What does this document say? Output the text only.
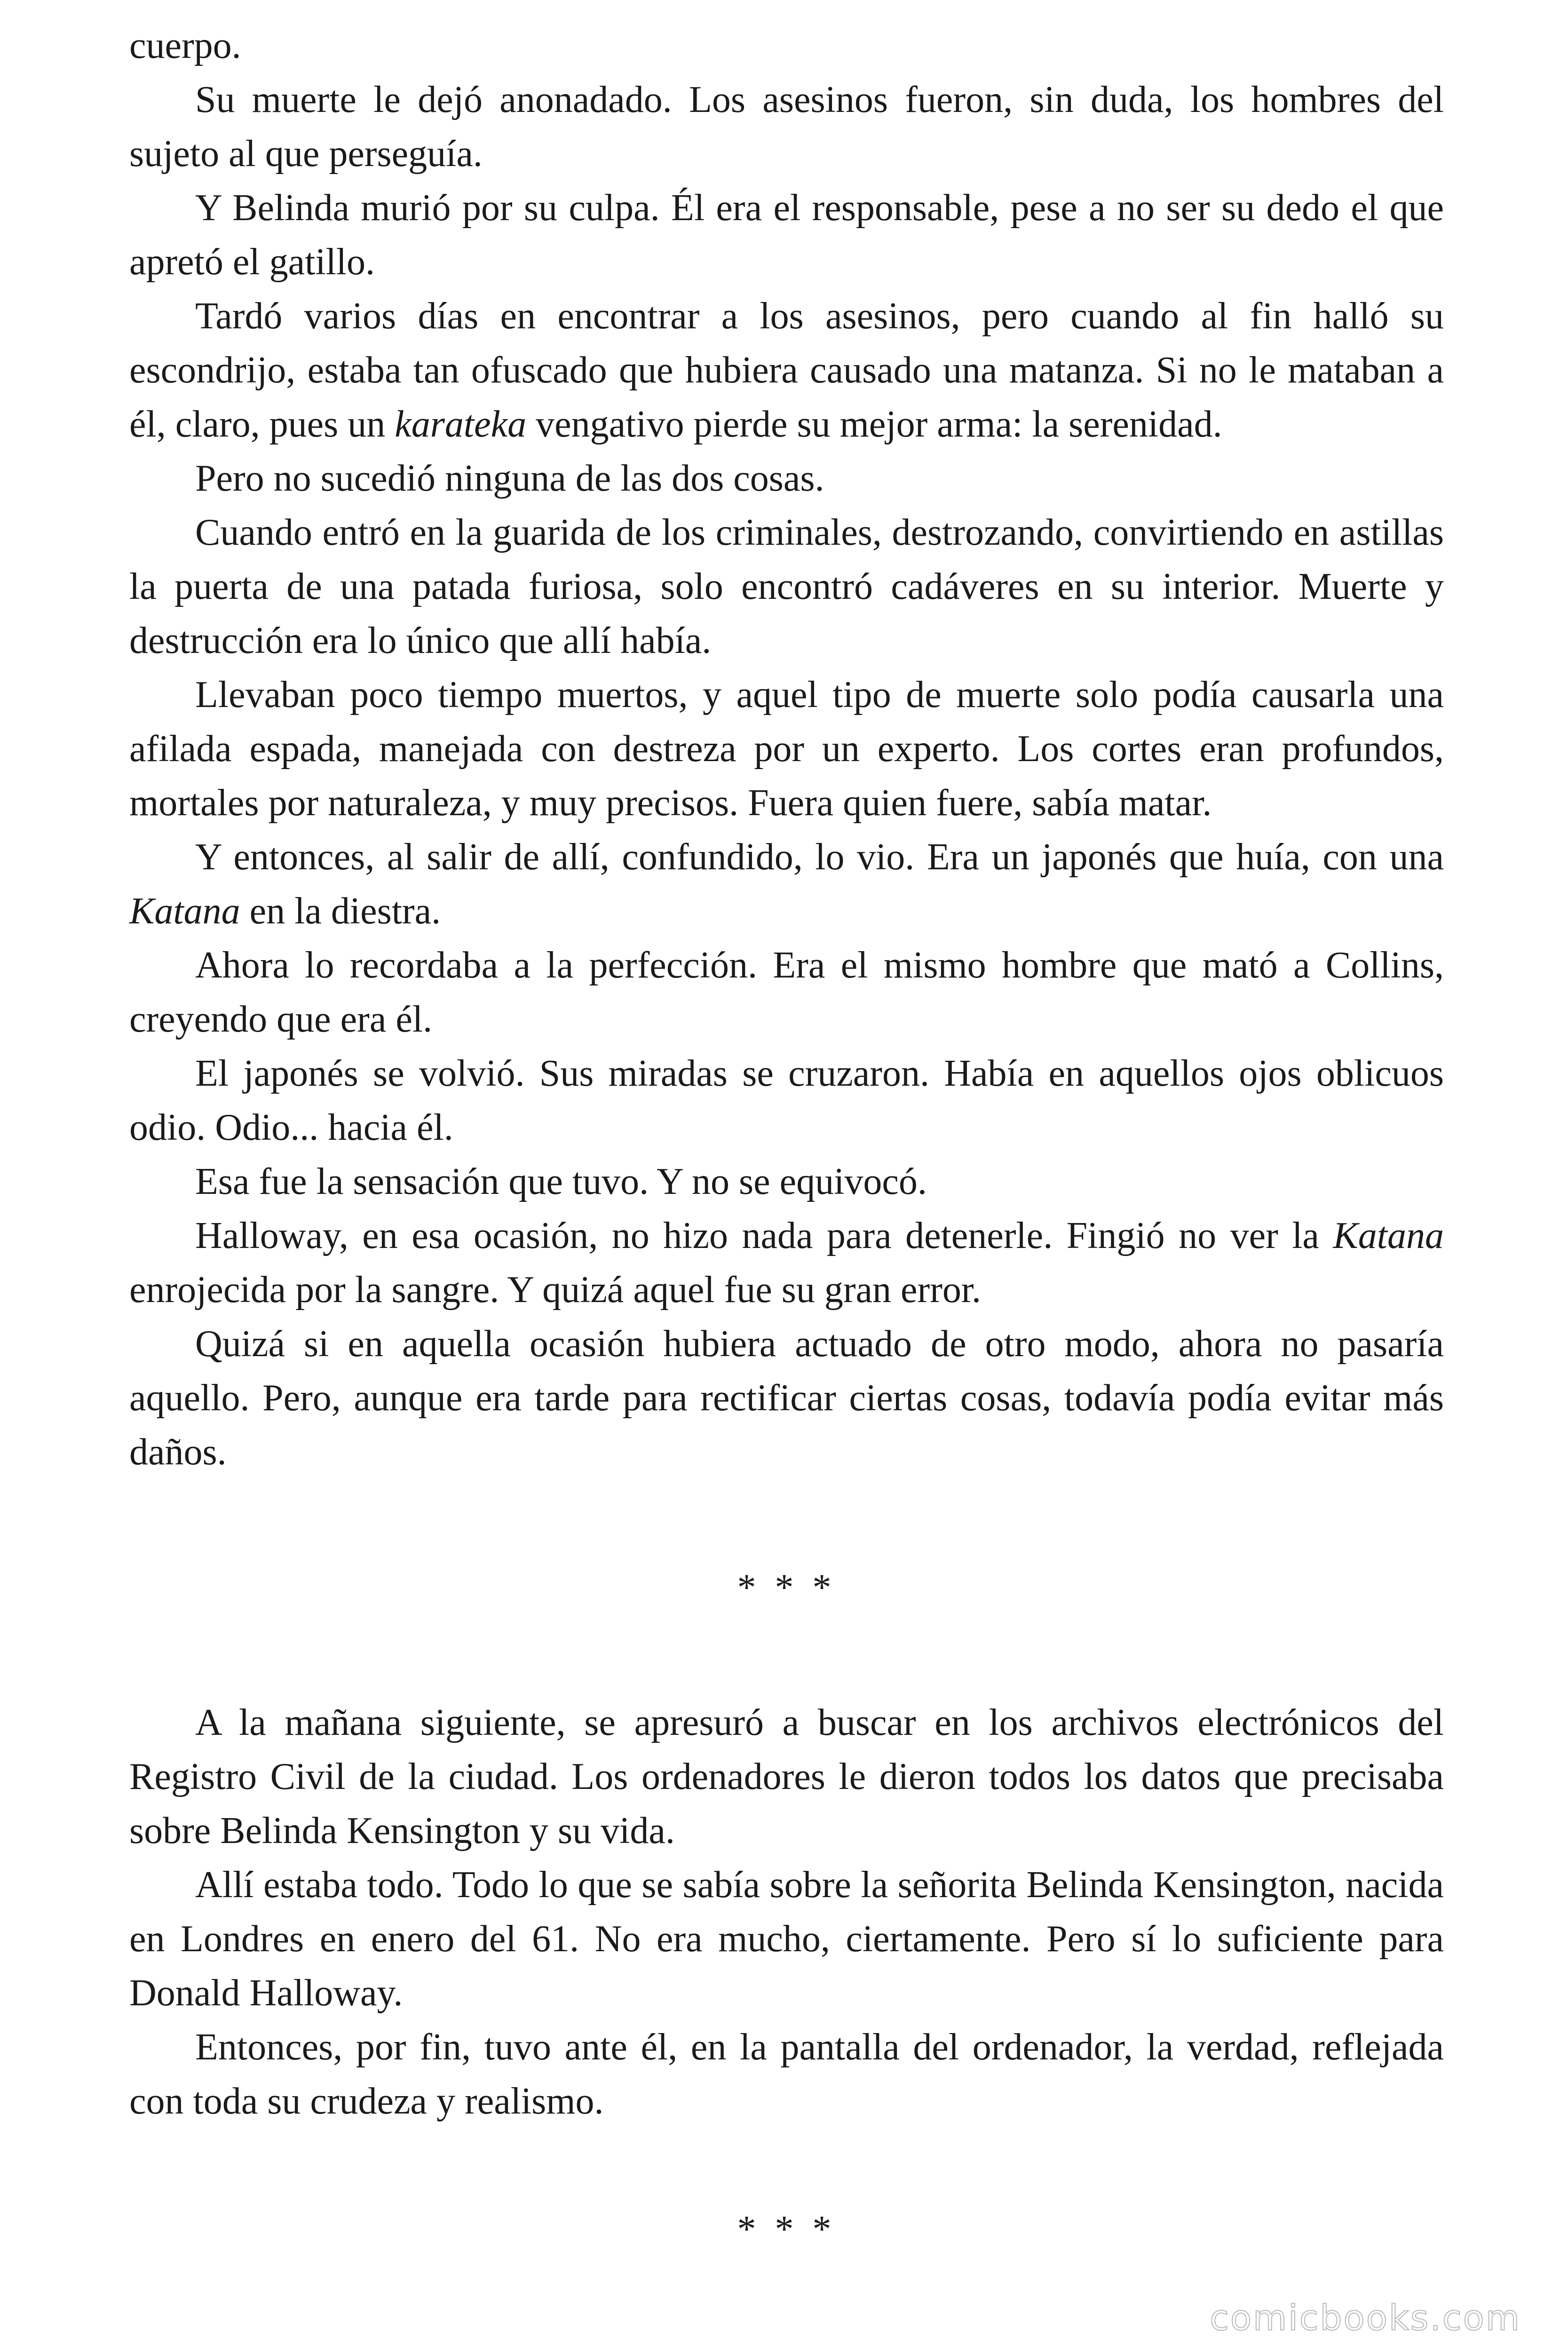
cuerpo.

Su muerte le dejó anonadado. Los asesinos fueron, sin duda, los hombres del sujeto al que perseguía.

Y Belinda murió por su culpa. Él era el responsable, pese a no ser su dedo el que apretó el gatillo.

Tardó varios días en encontrar a los asesinos, pero cuando al fin halló su escondrijo, estaba tan ofuscado que hubiera causado una matanza. Si no le mataban a él, claro, pues un karateka vengativo pierde su mejor arma: la serenidad.

Pero no sucedió ninguna de las dos cosas.

Cuando entró en la guarida de los criminales, destrozando, convirtiendo en astillas la puerta de una patada furiosa, solo encontró cadáveres en su interior. Muerte y destrucción era lo único que allí había.

Llevaban poco tiempo muertos, y aquel tipo de muerte solo podía causarla una afilada espada, manejada con destreza por un experto. Los cortes eran profundos, mortales por naturaleza, y muy precisos. Fuera quien fuere, sabía matar.

Y entonces, al salir de allí, confundido, lo vio. Era un japonés que huía, con una Katana en la diestra.

Ahora lo recordaba a la perfección. Era el mismo hombre que mató a Collins, creyendo que era él.

El japonés se volvió. Sus miradas se cruzaron. Había en aquellos ojos oblicuos odio. Odio... hacia él.

Esa fue la sensación que tuvo. Y no se equivocó.

Halloway, en esa ocasión, no hizo nada para detenerle. Fingió no ver la Katana enrojecida por la sangre. Y quizá aquel fue su gran error.

Quizá si en aquella ocasión hubiera actuado de otro modo, ahora no pasaría aquello. Pero, aunque era tarde para rectificar ciertas cosas, todavía podía evitar más daños.

* * *

A la mañana siguiente, se apresuró a buscar en los archivos electrónicos del Registro Civil de la ciudad. Los ordenadores le dieron todos los datos que precisaba sobre Belinda Kensington y su vida.

Allí estaba todo. Todo lo que se sabía sobre la señorita Belinda Kensington, nacida en Londres en enero del 61. No era mucho, ciertamente. Pero sí lo suficiente para Donald Halloway.

Entonces, por fin, tuvo ante él, en la pantalla del ordenador, la verdad, reflejada con toda su crudeza y realismo.

* * *

comicbooks.com
